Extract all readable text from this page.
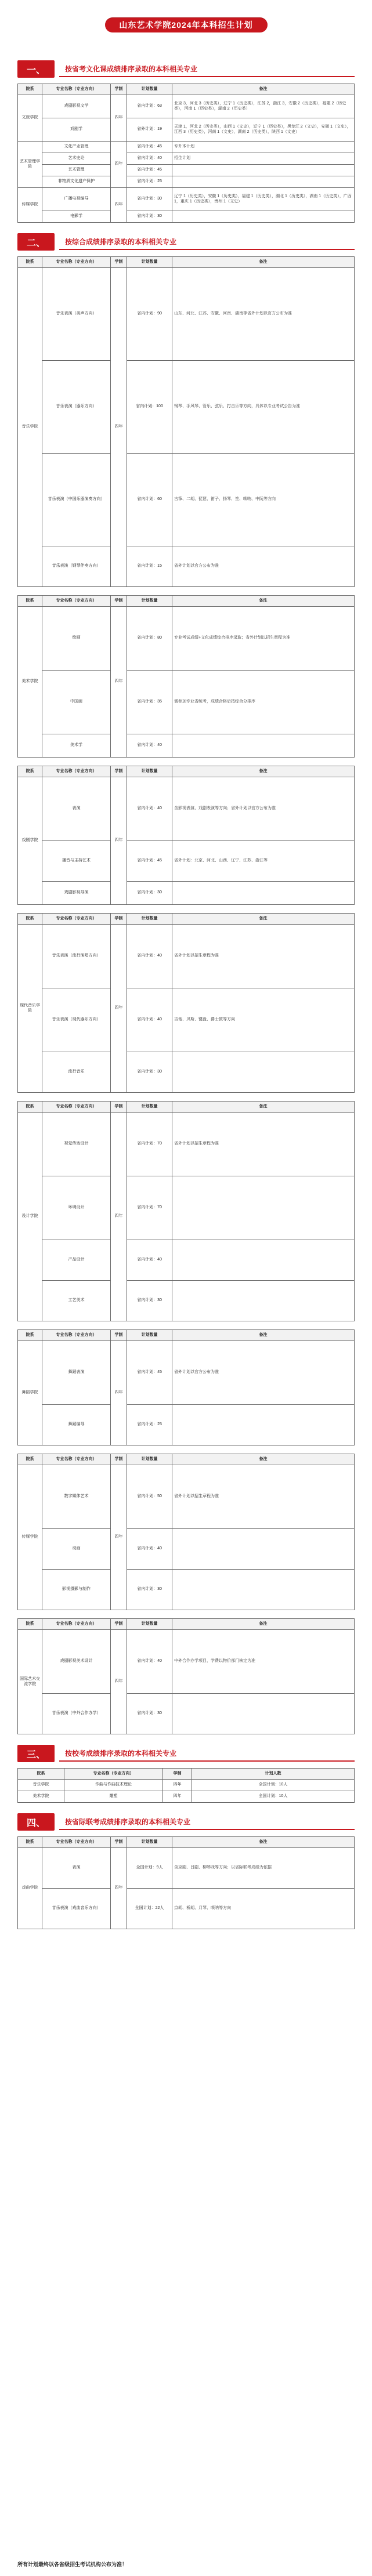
山东艺术学院2024年本科招生计划
一、	按省考文化课成绩排序录取的本科相关专业
院系	专业名称（专业方向）	学制	计划数量	备注
文旅学院	戏剧影视文学	四年	省内计划：63	北京 3，河北 3（历史类），辽宁 1（历史类），江苏 2，浙江 3，安徽 2（历史类），福建 2（历史类），河南 1（历史类），湖南 2（历史类）
	戏剧学		省外计划：19	天津 1，河北 2（历史类），山西 1（文史），辽宁 1（历史类），黑龙江 2（文史），安徽 1（文史），江西 3（历史类），河南 1（文史），湖南 2（历史类），陕西 1（文史）
艺术管理学院	文化产业管理	四年	省内计划：45	专升本计划
	艺术史论		省内计划：40	招生计划
	艺术管理		省内计划：45	
	非物质文化遗产保护		省内计划：25	
传媒学院	广播电视编导	四年	省内计划：30	辽宁 1（历史类），安徽 1（历史类），福建 1（历史类），湖北 1（历史类），湖南 1（历史类），广西 1，重庆 1（历史类），贵州 1（文史）
	电影学		省内计划：30	
二、	按综合成绩排序录取的本科相关专业
院系	专业名称（专业方向）	学制	计划数量	备注
音乐学院	音乐表演（美声方向）	四年	省内计划：90	山东、河北、江苏、安徽、河南、湖南等省外计划以官方公布为准
	音乐表演（器乐方向）		省内计划：100	钢琴、手风琴、管乐、弦乐、打击乐等方向，具体以专业考试公告为准
	音乐表演（中国乐器演奏方向）		省内计划：60	古筝、二胡、琵琶、笛子、扬琴、笙、唢呐、中阮等方向
	音乐表演（钢琴伴奏方向）		省内计划：15	省外计划以官方公布为准
院系	专业名称（专业方向）	学制	计划数量	备注
美术学院	绘画	四年	省内计划：80	专业考试成绩+文化成绩综合排序录取；省外计划以招生章程为准
	中国画		省内计划：35	需参加专业省统考，成绩合格后按综合分排序
	美术学		省内计划：40	
院系	专业名称（专业方向）	学制	计划数量	备注
戏剧学院	表演	四年	省内计划：40	含影视表演、戏剧表演等方向；省外计划以官方公布为准
	播音与主持艺术		省内计划：45	省外计划：北京、河北、山西、辽宁、江苏、浙江等
	戏剧影视导演		省内计划：30	
院系	专业名称（专业方向）	学制	计划数量	备注
现代音乐学院	音乐表演（流行演唱方向）	四年	省内计划：40	省外计划以招生章程为准
	音乐表演（现代器乐方向）		省内计划：40	吉他、贝斯、键盘、爵士鼓等方向
	流行音乐		省内计划：30	
院系	专业名称（专业方向）	学制	计划数量	备注
设计学院	视觉传达设计	四年	省内计划：70	省外计划以招生章程为准
	环境设计		省内计划：70	
	产品设计		省内计划：40	
	工艺美术		省内计划：30	
院系	专业名称（专业方向）	学制	计划数量	备注
舞蹈学院	舞蹈表演	四年	省内计划：45	省外计划以官方公布为准
	舞蹈编导		省内计划：25	
院系	专业名称（专业方向）	学制	计划数量	备注
传媒学院	数字媒体艺术	四年	省内计划：50	省外计划以招生章程为准
	动画		省内计划：40	
	影视摄影与制作		省内计划：30	
院系	专业名称（专业方向）	学制	计划数量	备注
国际艺术交流学院	戏剧影视美术设计	四年	省内计划：40	中外合作办学项目，学费以物价部门核定为准
	音乐表演（中外合作办学）		省内计划：30	
三、	按校考成绩排序录取的本科相关专业
院系	专业名称（专业方向）	学制	计划人数
音乐学院	作曲与作曲技术理论	四年	全国计划：10人
美术学院	雕塑	四年	全国计划：10人
四、	按省际联考成绩排序录取的本科相关专业
院系	专业名称（专业方向）	学制	计划数量	备注
戏曲学院	表演	四年	全国计划：9人	含京剧、吕剧、柳琴戏等方向；以省际联考成绩为依据
	音乐表演（戏曲音乐方向）		全国计划：22人	京胡、板胡、月琴、唢呐等方向
所有计划最终以各省级招生考试机构公布为准！
